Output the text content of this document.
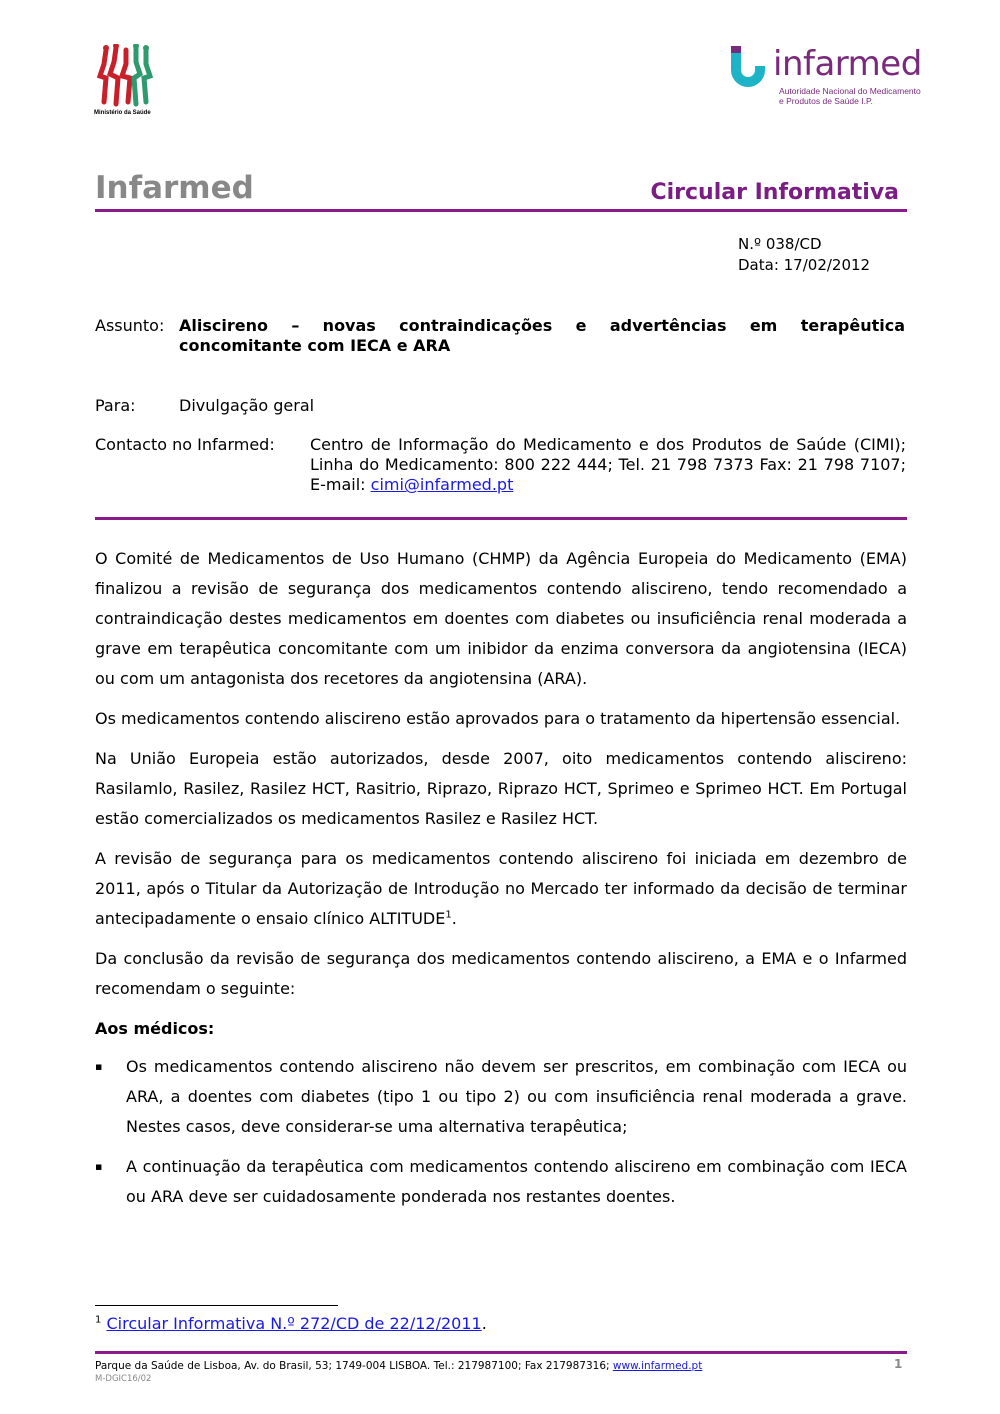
Ministério da Saúde
infarmed
Autoridade Nacional do Medicamento
e Produtos de Saúde I.P.
Infarmed	Circular Informativa
N.º 038/CD
Data: 17/02/2012
Assunto: Aliscireno – novas contraindicações e advertências em terapêutica concomitante com IECA e ARA
Para:	Divulgação geral
Contacto no Infarmed: Centro de Informação do Medicamento e dos Produtos de Saúde (CIMI); Linha do Medicamento: 800 222 444; Tel. 21 798 7373 Fax: 21 798 7107; E-mail: cimi@infarmed.pt

O Comité de Medicamentos de Uso Humano (CHMP) da Agência Europeia do Medicamento (EMA) finalizou a revisão de segurança dos medicamentos contendo aliscireno, tendo recomendado a contraindicação destes medicamentos em doentes com diabetes ou insuficiência renal moderada a grave em terapêutica concomitante com um inibidor da enzima conversora da angiotensina (IECA) ou com um antagonista dos recetores da angiotensina (ARA).

Os medicamentos contendo aliscireno estão aprovados para o tratamento da hipertensão essencial.

Na União Europeia estão autorizados, desde 2007, oito medicamentos contendo aliscireno: Rasilamlo, Rasilez, Rasilez HCT, Rasitrio, Riprazo, Riprazo HCT, Sprimeo e Sprimeo HCT. Em Portugal estão comercializados os medicamentos Rasilez e Rasilez HCT.

A revisão de segurança para os medicamentos contendo aliscireno foi iniciada em dezembro de 2011, após o Titular da Autorização de Introdução no Mercado ter informado da decisão de terminar antecipadamente o ensaio clínico ALTITUDE$^1$.

Da conclusão da revisão de segurança dos medicamentos contendo aliscireno, a EMA e o Infarmed recomendam o seguinte:

Aos médicos:

▪ Os medicamentos contendo aliscireno não devem ser prescritos, em combinação com IECA ou ARA, a doentes com diabetes (tipo 1 ou tipo 2) ou com insuficiência renal moderada a grave. Nestes casos, deve considerar-se uma alternativa terapêutica;
▪ A continuação da terapêutica com medicamentos contendo aliscireno em combinação com IECA ou ARA deve ser cuidadosamente ponderada nos restantes doentes.
$^1$ Circular Informativa N.º 272/CD de 22/12/2011.
Parque da Saúde de Lisboa, Av. do Brasil, 53; 1749-004 LISBOA. Tel.: 217987100; Fax 217987316; www.infarmed.pt
M-DGIC16/02
1
